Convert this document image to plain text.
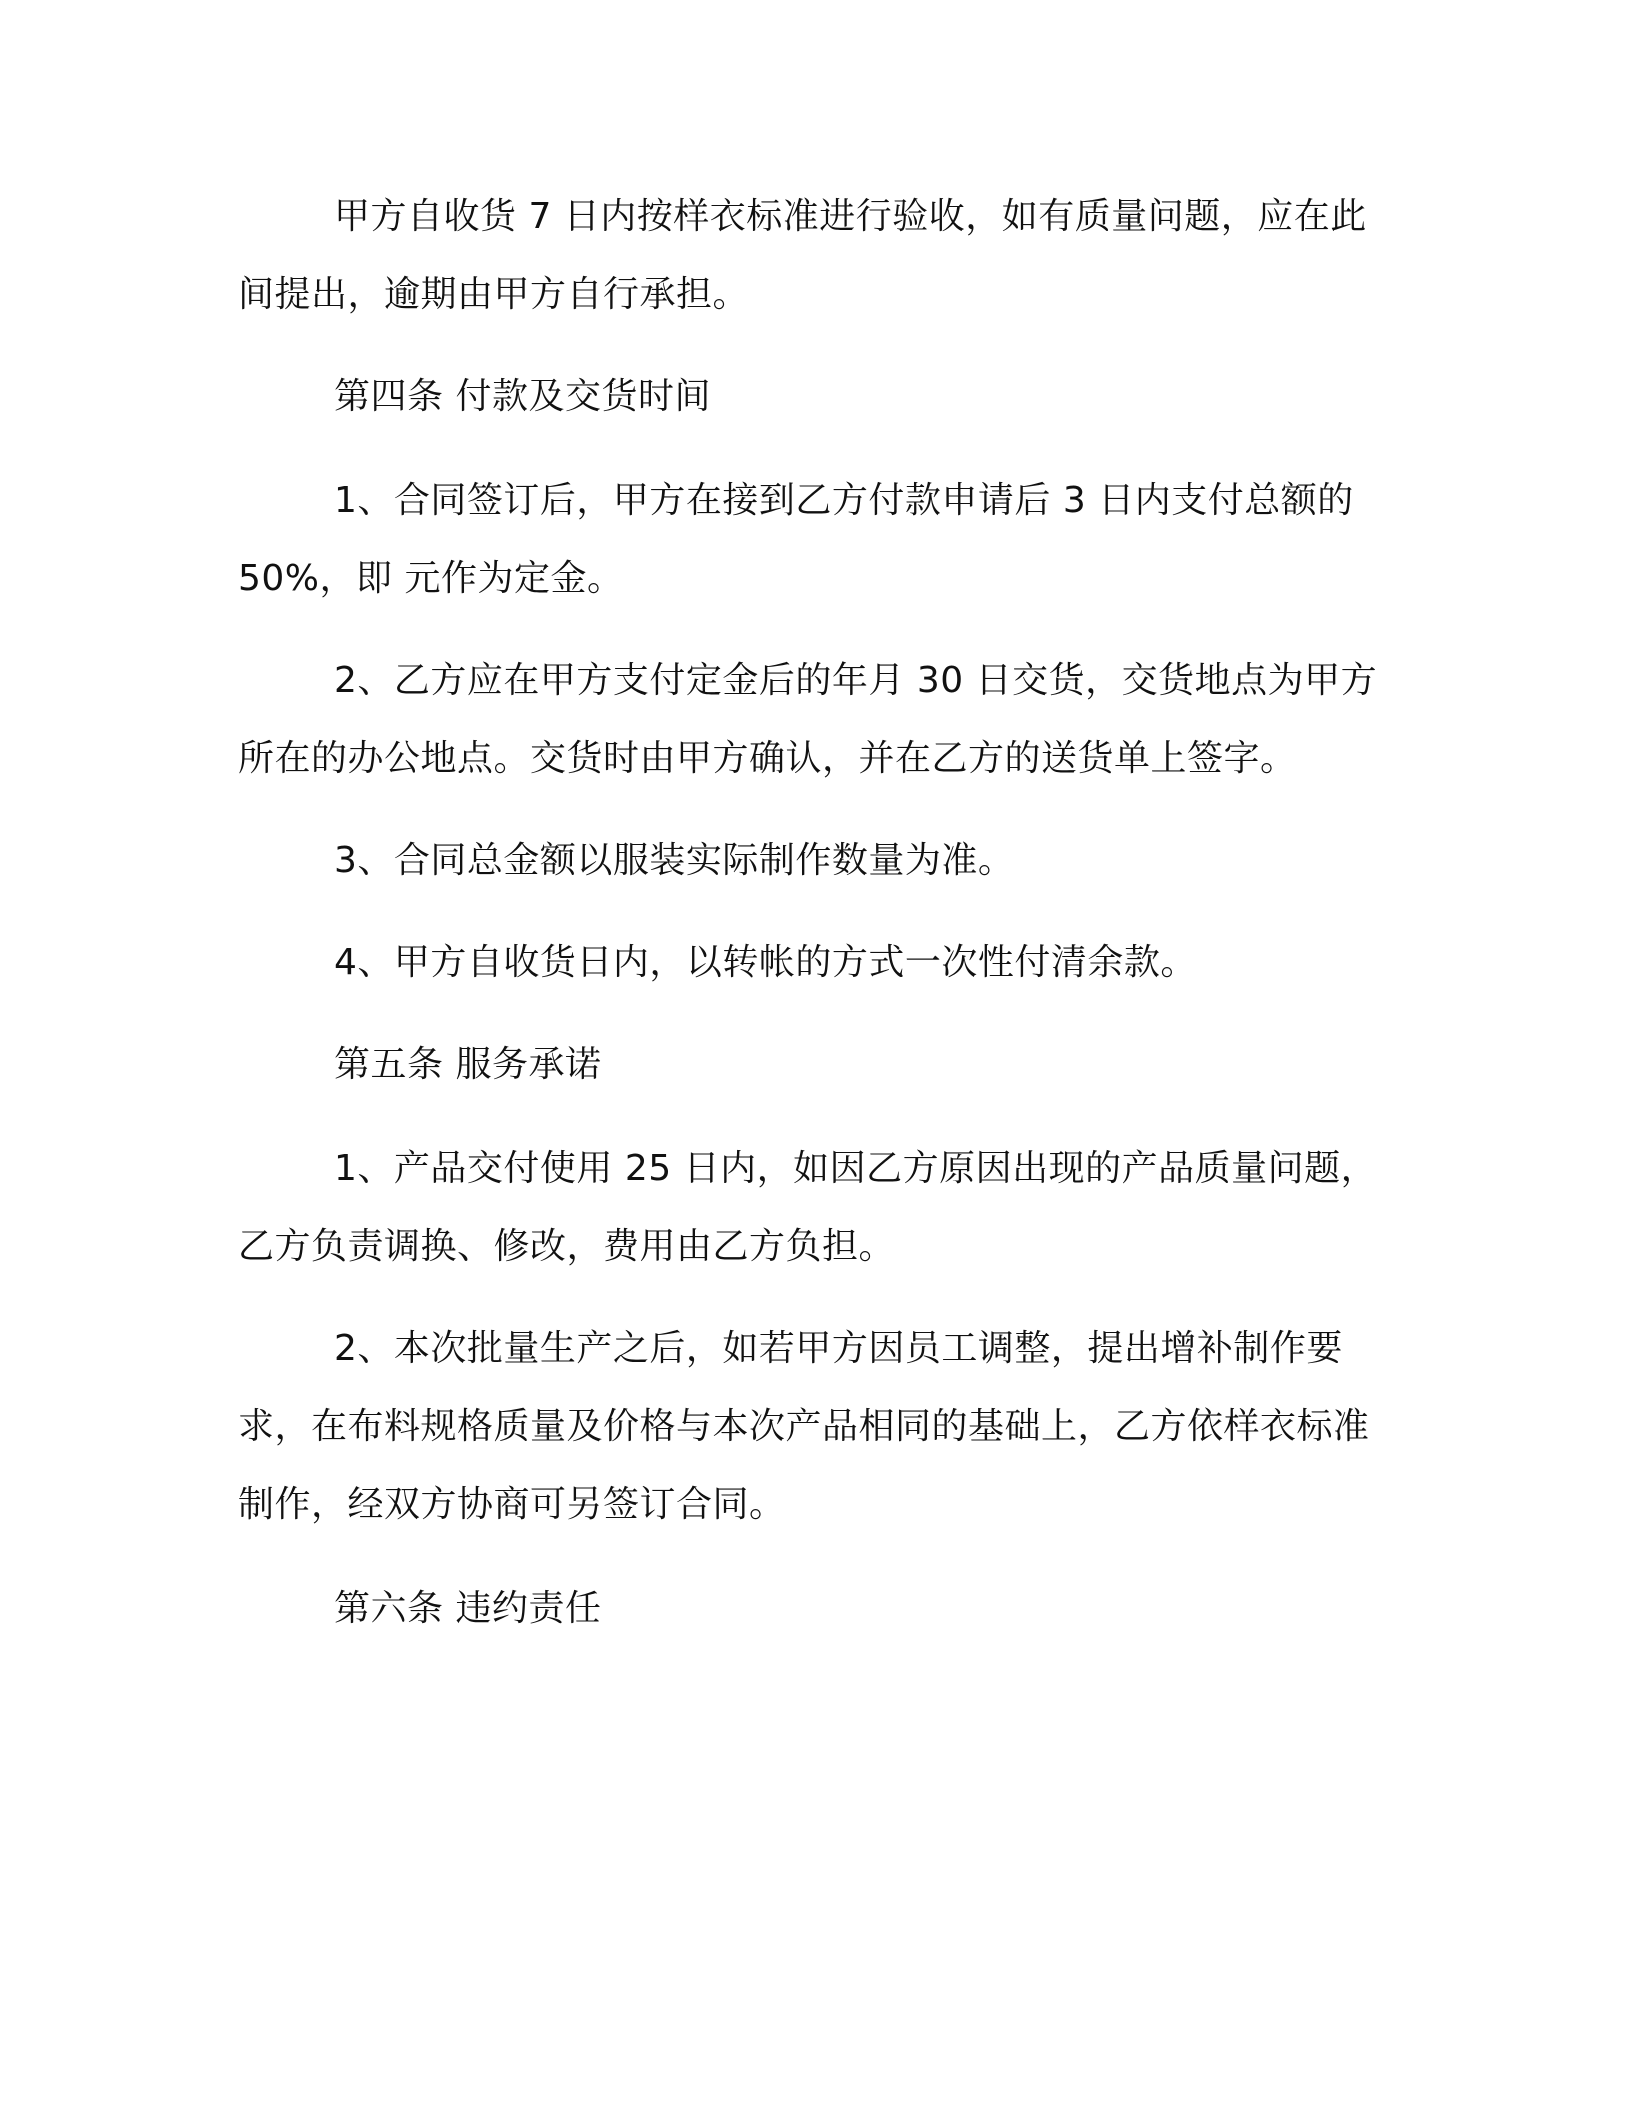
甲方自收货 7 日内按样衣标准进行验收，如有质量问题，应在此间提出，逾期由甲方自行承担。

第四条 付款及交货时间

1、合同签订后，甲方在接到乙方付款申请后 3 日内支付总额的 50%，即 元作为定金。

2、乙方应在甲方支付定金后的年月 30 日交货，交货地点为甲方所在的办公地点。交货时由甲方确认，并在乙方的送货单上签字。

3、合同总金额以服装实际制作数量为准。

4、甲方自收货日内，以转帐的方式一次性付清余款。

第五条 服务承诺

1、产品交付使用 25 日内，如因乙方原因出现的产品质量问题，乙方负责调换、修改，费用由乙方负担。

2、本次批量生产之后，如若甲方因员工调整，提出增补制作要求，在布料规格质量及价格与本次产品相同的基础上，乙方依样衣标准制作，经双方协商可另签订合同。

第六条 违约责任
